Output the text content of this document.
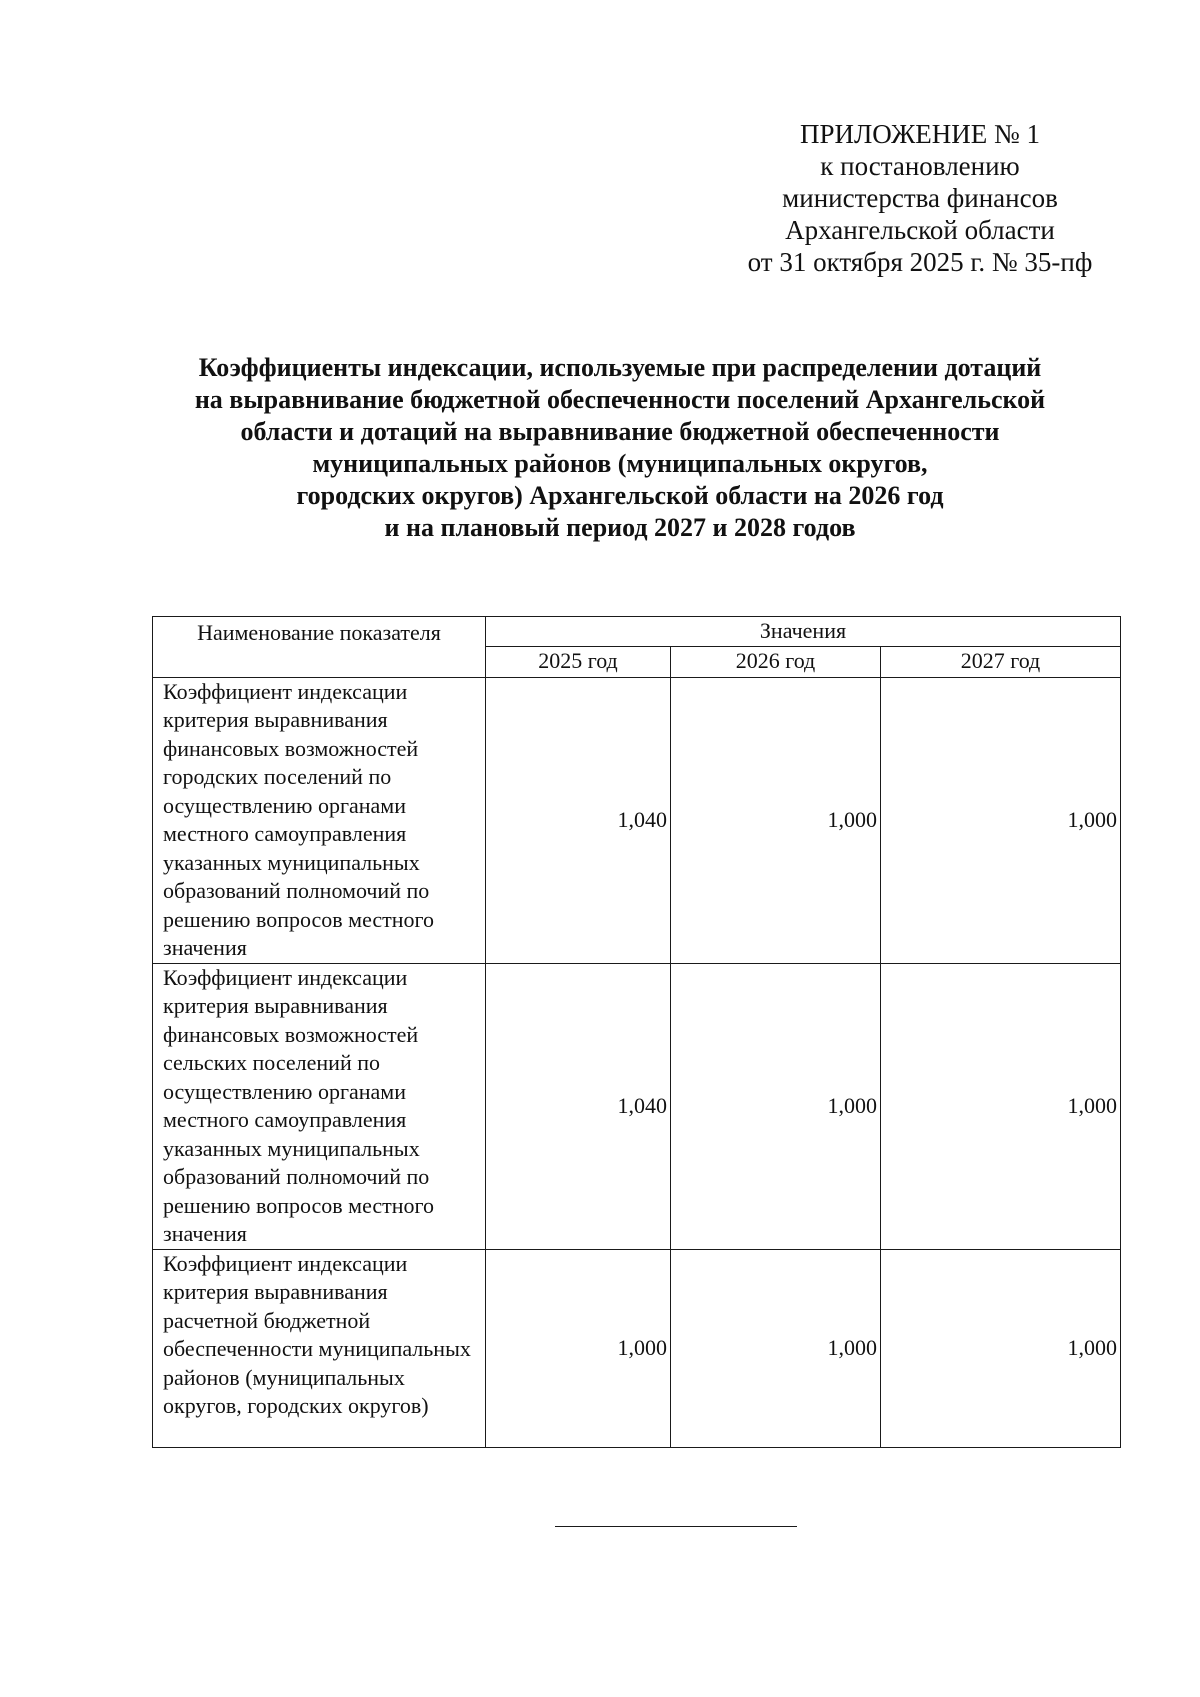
ПРИЛОЖЕНИЕ № 1
к постановлению
министерства финансов
Архангельской области
от 31 октября 2025 г. № 35-пф
Коэффициенты индексации, используемые при распределении дотаций
на выравнивание бюджетной обеспеченности поселений Архангельской
области и дотаций на выравнивание бюджетной обеспеченности
муниципальных районов (муниципальных округов,
городских округов) Архангельской области на 2026 год
и на плановый период 2027 и 2028 годов
Наименование показателя	Значения		
	2025 год	2026 год	2027 год
Коэффициент индексации критерия выравнивания финансовых возможностей городских поселений по осуществлению органами местного самоуправления указанных муниципальных образований полномочий по решению вопросов местного значения	1,040	1,000	1,000
Коэффициент индексации критерия выравнивания финансовых возможностей сельских поселений по осуществлению органами местного самоуправления указанных муниципальных образований полномочий по решению вопросов местного значения	1,040	1,000	1,000
Коэффициент индексации критерия выравнивания расчетной бюджетной обеспеченности муниципальных районов (муниципальных округов, городских округов)	1,000	1,000	1,000
